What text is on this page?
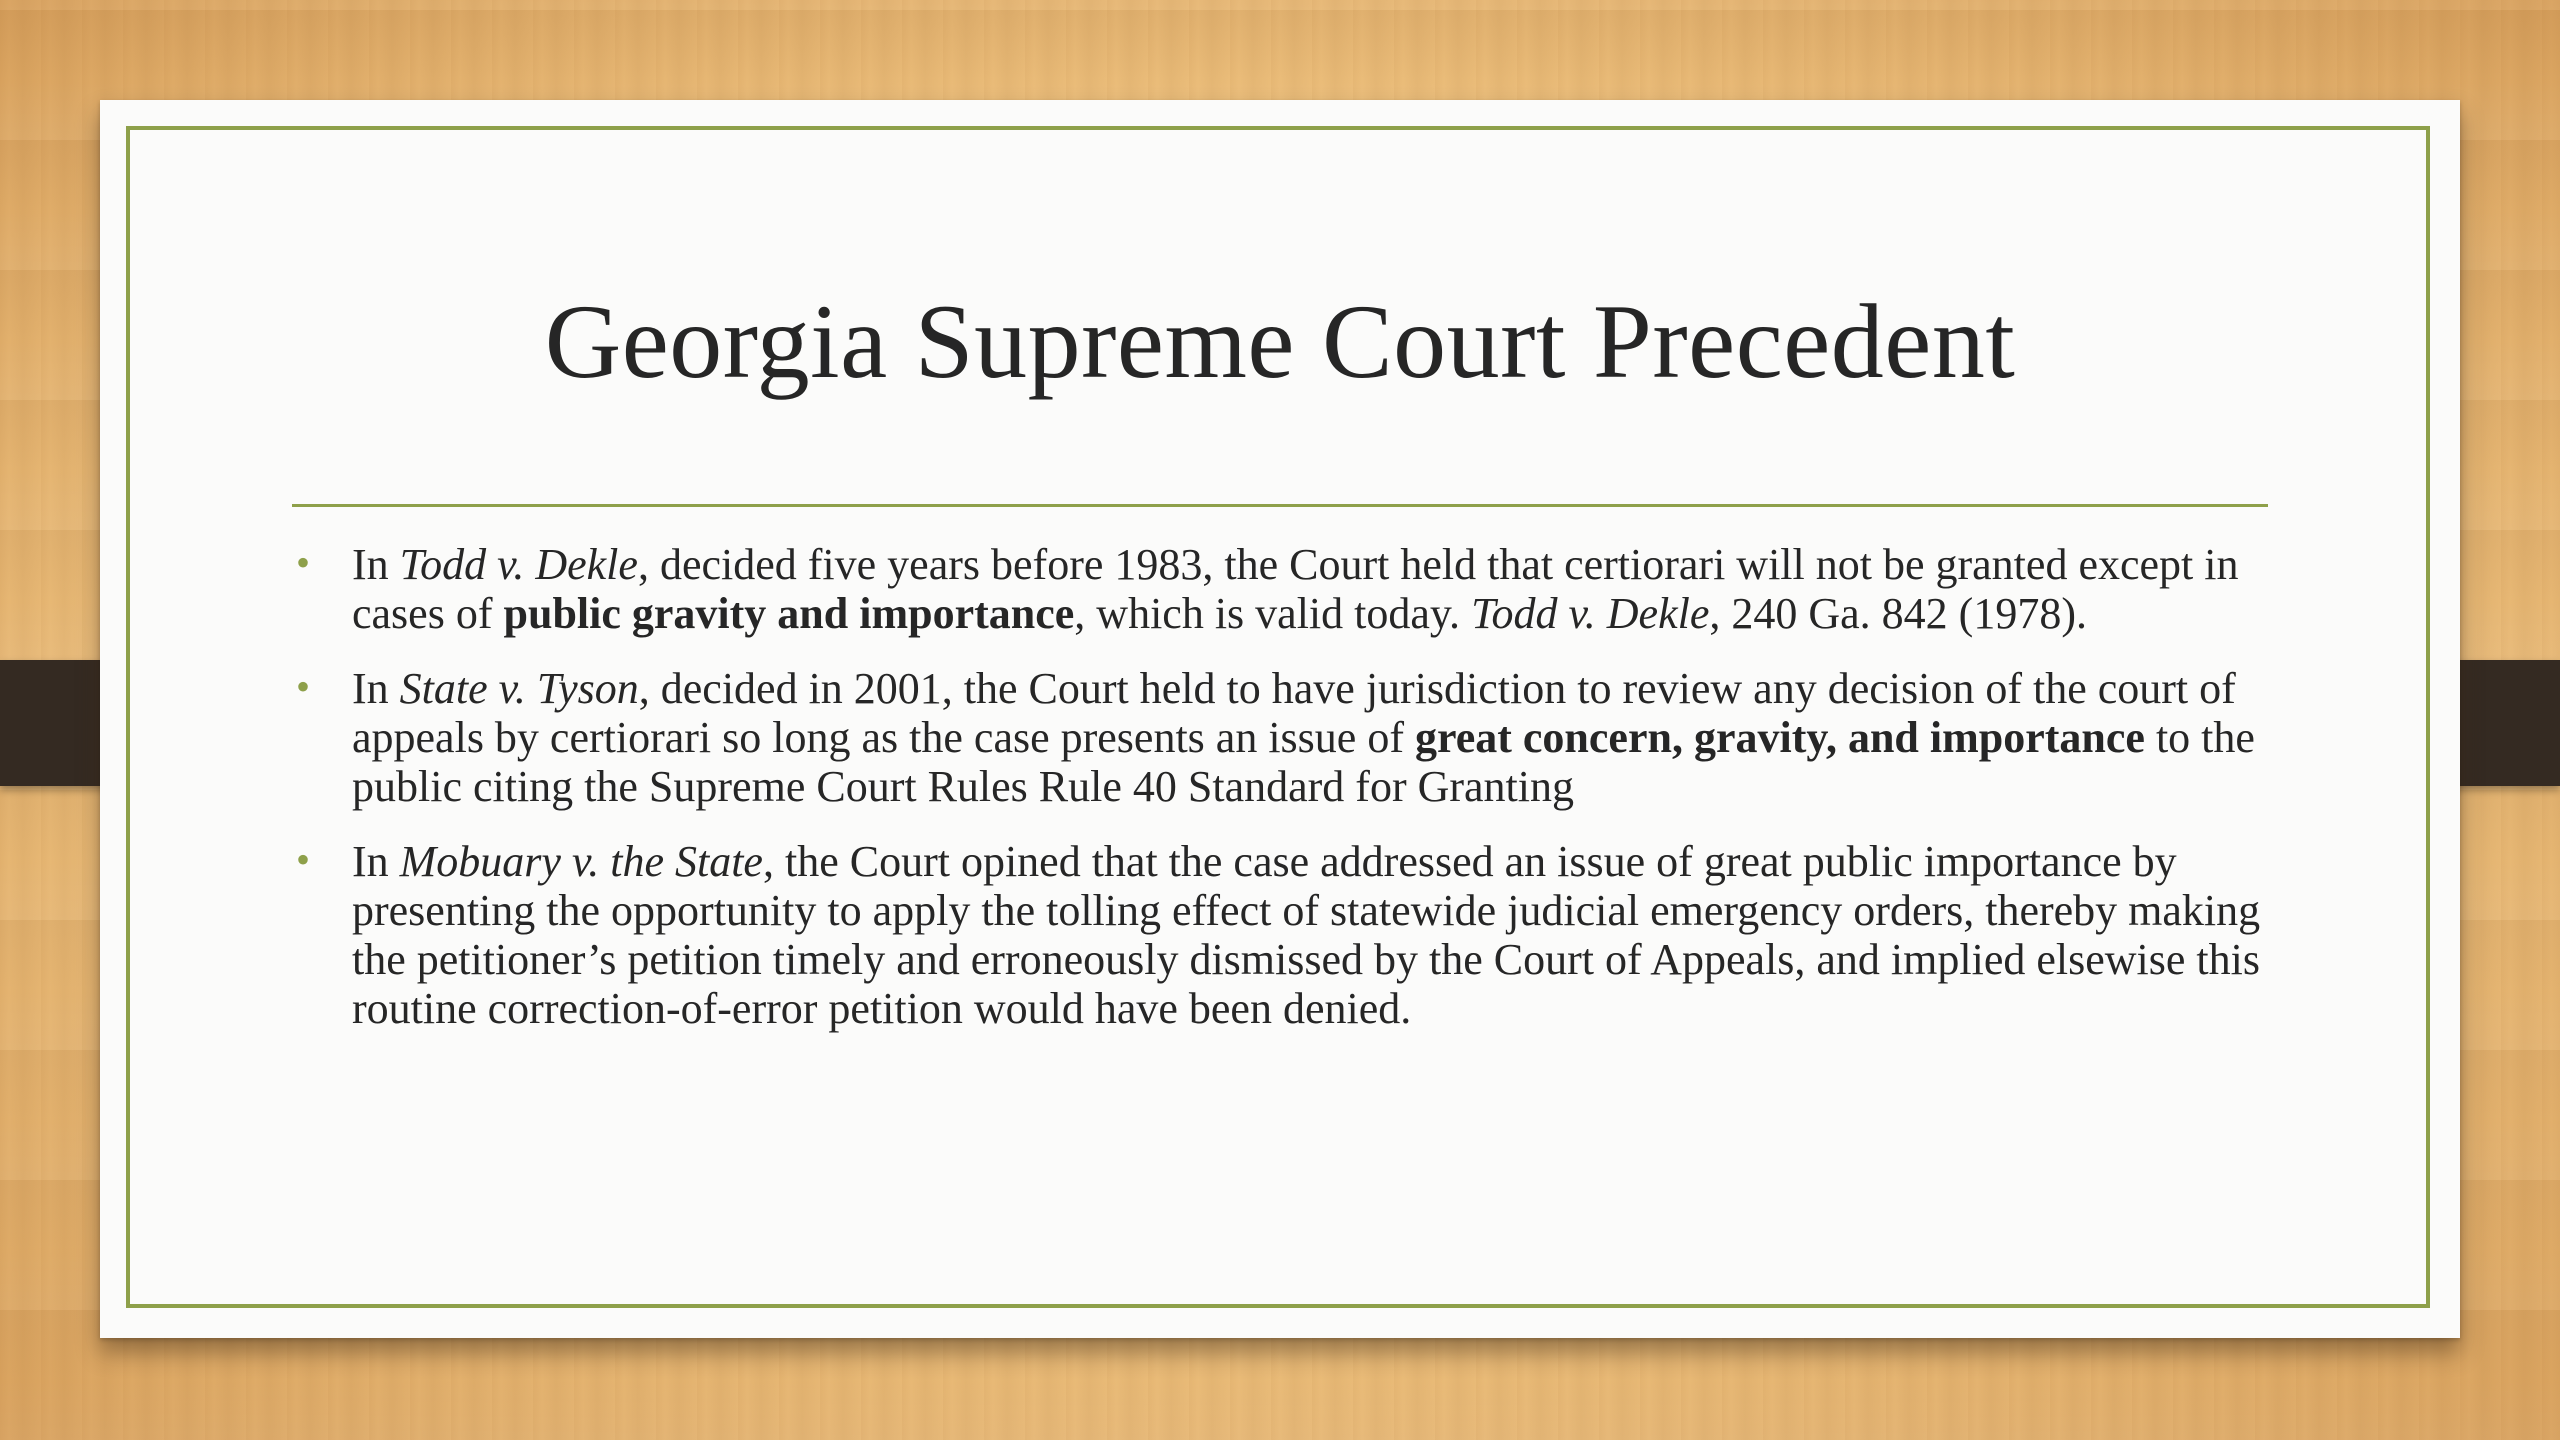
Georgia Supreme Court Precedent
• In Todd v. Dekle, decided five years before 1983, the Court held that certiorari will not be granted except in cases of public gravity and importance, which is valid today. Todd v. Dekle, 240 Ga. 842 (1978).
• In State v. Tyson, decided in 2001, the Court held to have jurisdiction to review any decision of the court of appeals by certiorari so long as the case presents an issue of great concern, gravity, and importance to the public citing the Supreme Court Rules Rule 40 Standard for Granting
• In Mobuary v. the State, the Court opined that the case addressed an issue of great public importance by presenting the opportunity to apply the tolling effect of statewide judicial emergency orders, thereby making the petitioner’s petition timely and erroneously dismissed by the Court of Appeals, and implied elsewise this routine correction-of-error petition would have been denied.
